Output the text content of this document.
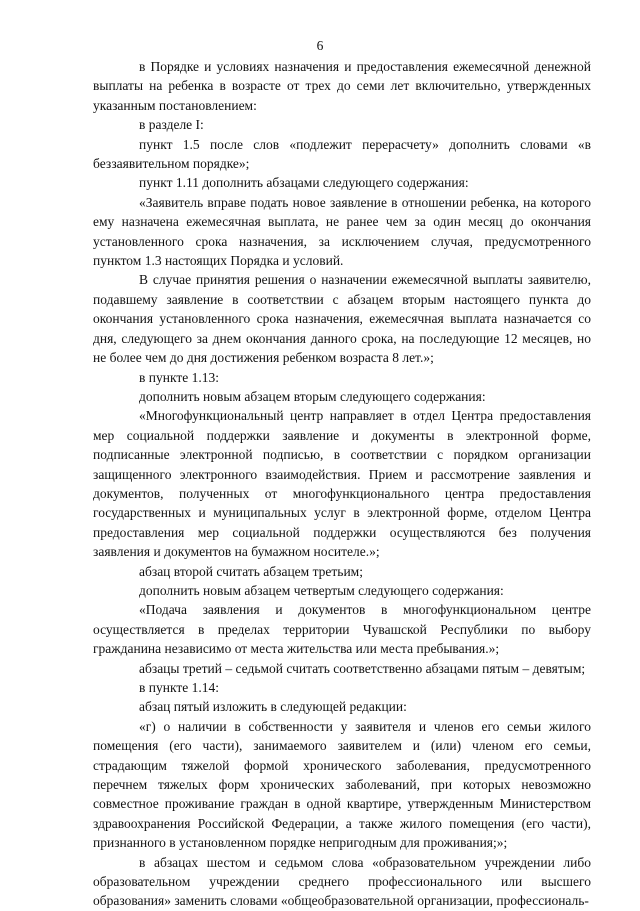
6

в Порядке и условиях назначения и предоставления ежемесячной денежной выплаты на ребенка в возрасте от трех до семи лет включительно, утвержденных указанным постановлением:

в разделе I:

пункт 1.5 после слов «подлежит перерасчету» дополнить словами «в беззаявительном порядке»;

пункт 1.11 дополнить абзацами следующего содержания:

«Заявитель вправе подать новое заявление в отношении ребенка, на которого ему назначена ежемесячная выплата, не ранее чем за один месяц до окончания установленного срока назначения, за исключением случая, предусмотренного пунктом 1.3 настоящих Порядка и условий.

В случае принятия решения о назначении ежемесячной выплаты заявителю, подавшему заявление в соответствии с абзацем вторым настоящего пункта до окончания установленного срока назначения, ежемесячная выплата назначается со дня, следующего за днем окончания данного срока, на последующие 12 месяцев, но не более чем до дня достижения ребенком возраста 8 лет.»;

в пункте 1.13:

дополнить новым абзацем вторым следующего содержания:

«Многофункциональный центр направляет в отдел Центра предоставления мер социальной поддержки заявление и документы в электронной форме, подписанные электронной подписью, в соответствии с порядком организации защищенного электронного взаимодействия. Прием и рассмотрение заявления и документов, полученных от многофункционального центра предоставления государственных и муниципальных услуг в электронной форме, отделом Центра предоставления мер социальной поддержки осуществляются без получения заявления и документов на бумажном носителе.»;

абзац второй считать абзацем третьим;

дополнить новым абзацем четвертым следующего содержания:

«Подача заявления и документов в многофункциональном центре осуществляется в пределах территории Чувашской Республики по выбору гражданина независимо от места жительства или места пребывания.»;

абзацы третий – седьмой считать соответственно абзацами пятым – девятым;

в пункте 1.14:

абзац пятый изложить в следующей редакции:

«г) о наличии в собственности у заявителя и членов его семьи жилого помещения (его части), занимаемого заявителем и (или) членом его семьи, страдающим тяжелой формой хронического заболевания, предусмотренного перечнем тяжелых форм хронических заболеваний, при которых невозможно совместное проживание граждан в одной квартире, утвержденным Министерством здравоохранения Российской Федерации, а также жилого помещения (его части), признанного в установленном порядке непригодным для проживания;»;

в абзацах шестом и седьмом слова «образовательном учреждении либо образовательном учреждении среднего профессионального или высшего образования» заменить словами «общеобразовательной организации, профессиональ-
